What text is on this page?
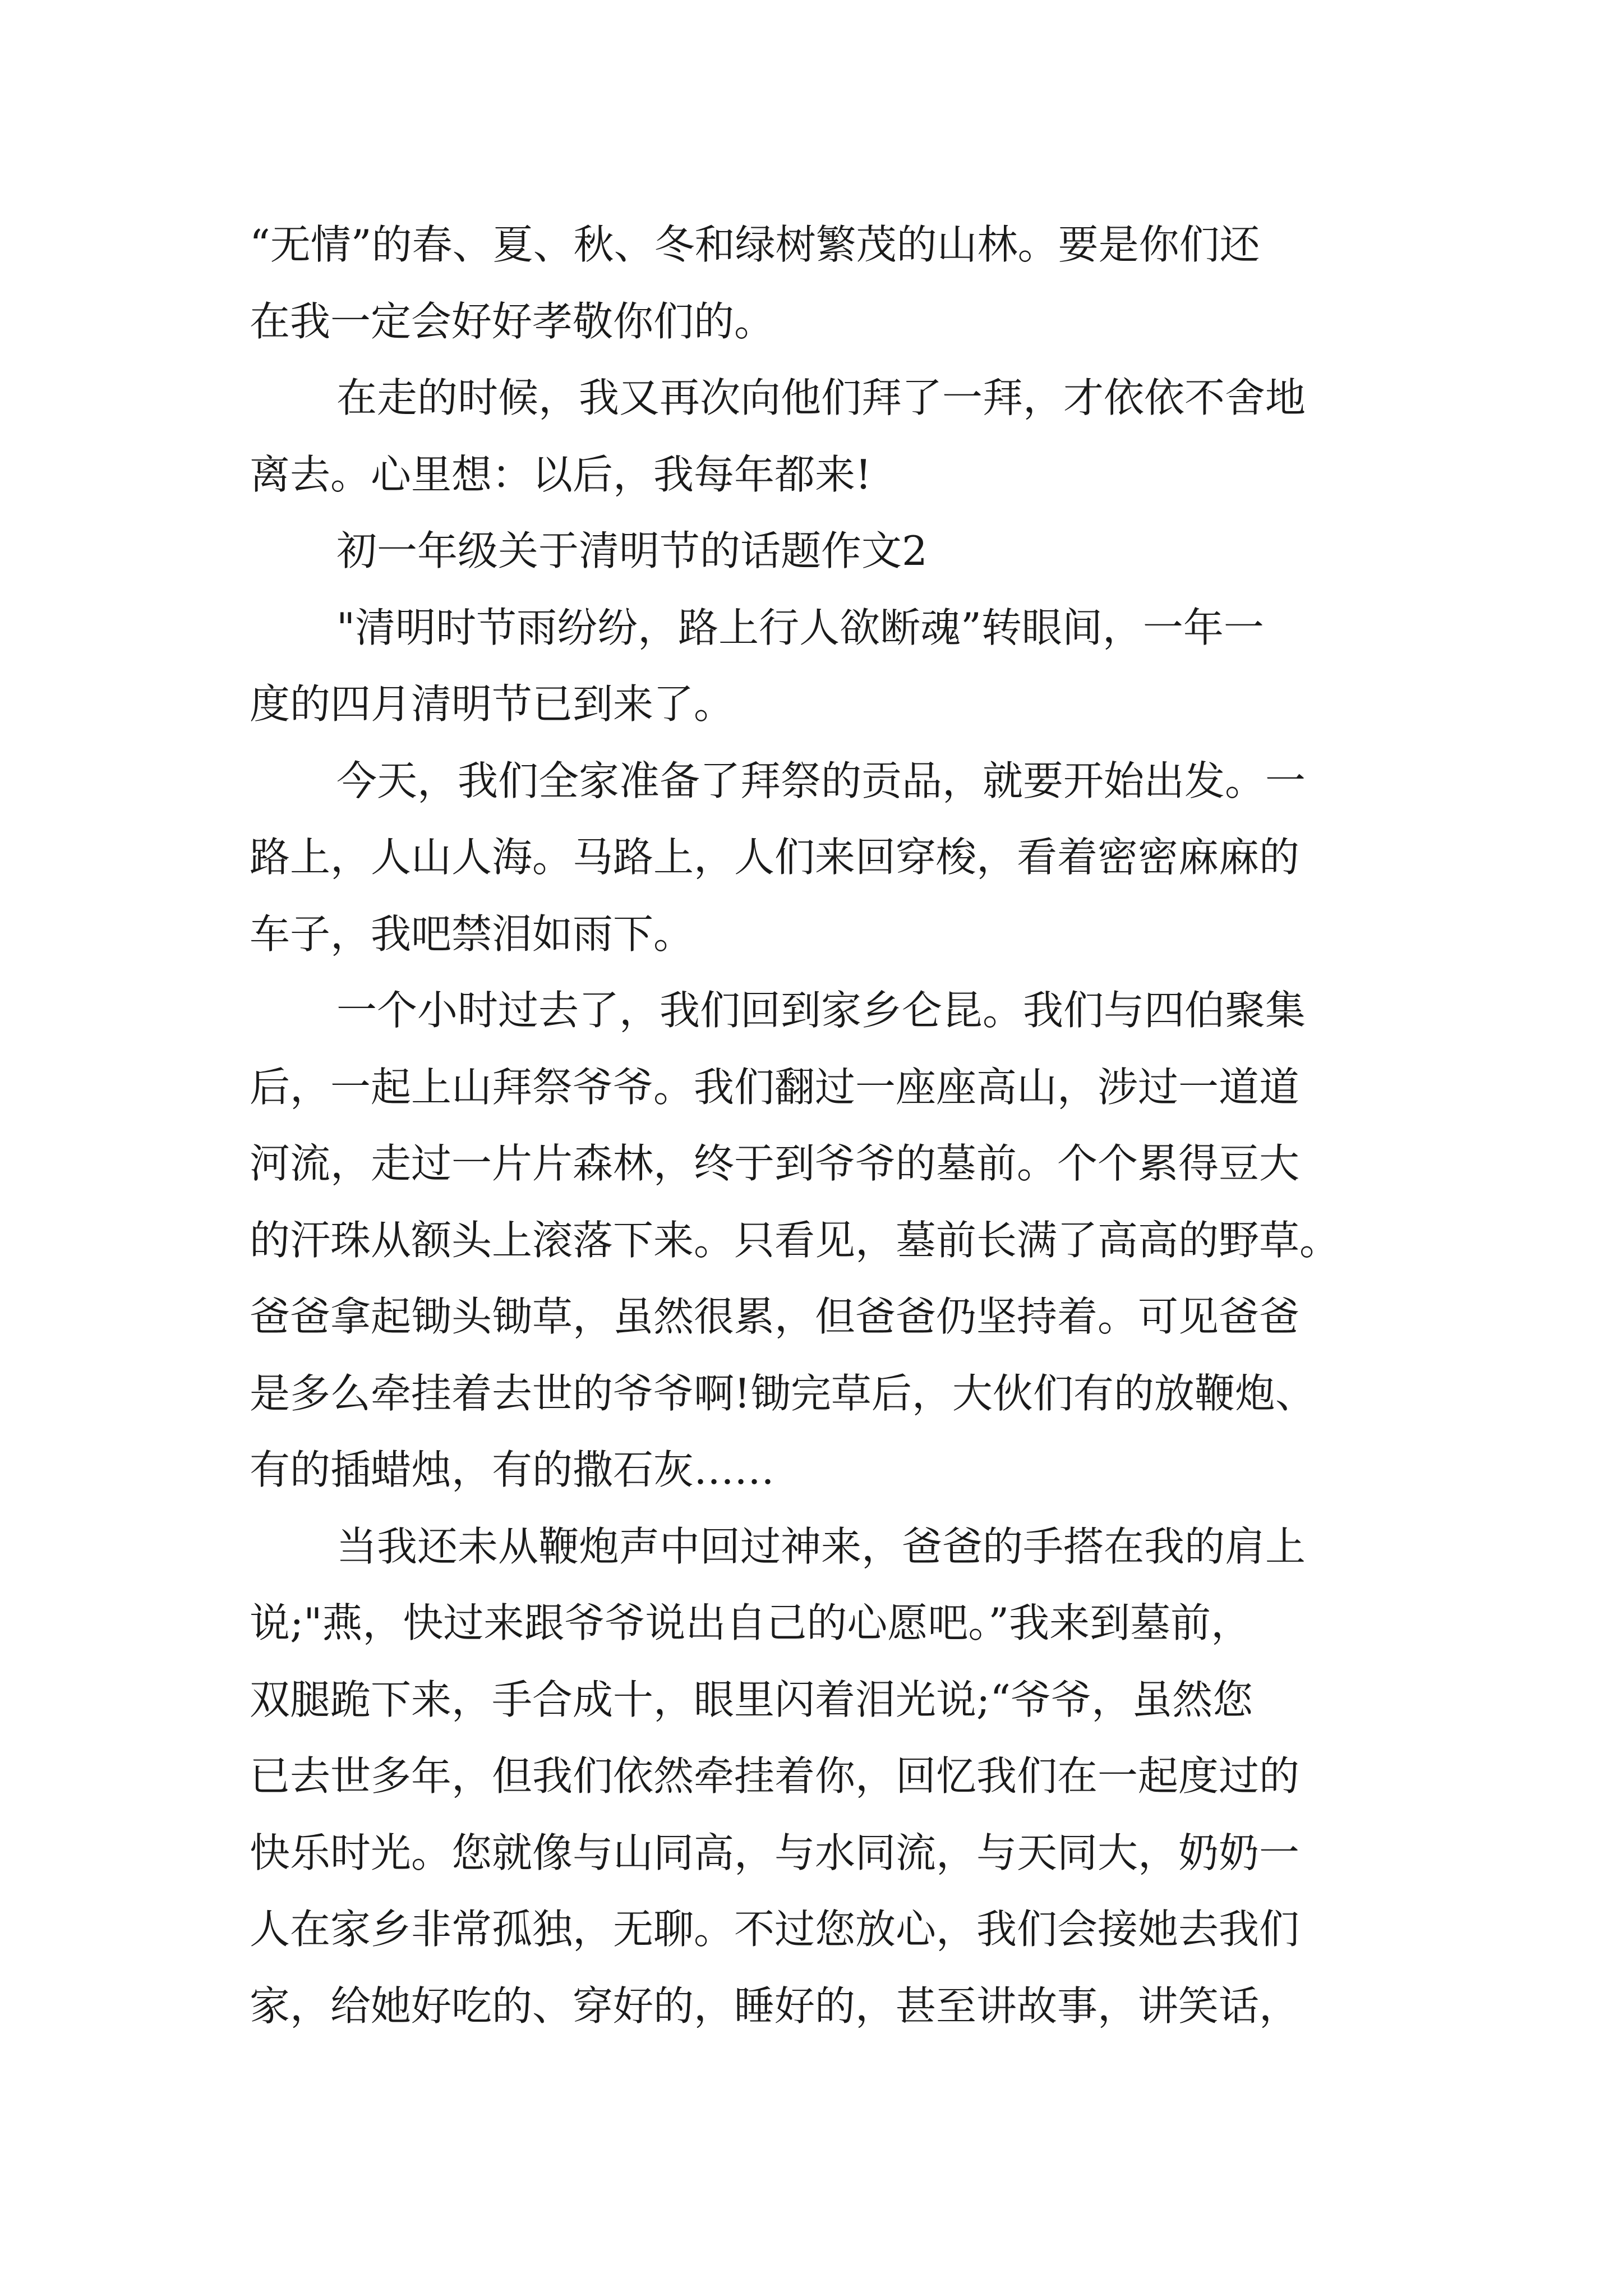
“无情”的春、夏、秋、冬和绿树繁茂的山林。要是你们还
在我一定会好好孝敬你们的。
在走的时候，我又再次向他们拜了一拜，才依依不舍地
离去。心里想：以后，我每年都来!
初一年级关于清明节的话题作文2
"清明时节雨纷纷，路上行人欲断魂”转眼间，一年一
度的四月清明节已到来了。
今天，我们全家准备了拜祭的贡品，就要开始出发。一
路上，人山人海。马路上，人们来回穿梭，看着密密麻麻的
车子，我吧禁泪如雨下。
一个小时过去了，我们回到家乡仑昆。我们与四伯聚集
后，一起上山拜祭爷爷。我们翻过一座座高山，涉过一道道
河流，走过一片片森林，终于到爷爷的墓前。个个累得豆大
的汗珠从额头上滚落下来。只看见，墓前长满了高高的野草。
爸爸拿起锄头锄草，虽然很累，但爸爸仍坚持着。可见爸爸
是多么牵挂着去世的爷爷啊!锄完草后，大伙们有的放鞭炮、
有的插蜡烛，有的撒石灰……
当我还未从鞭炮声中回过神来，爸爸的手搭在我的肩上
说;"燕，快过来跟爷爷说出自己的心愿吧。”我来到墓前，
双腿跪下来，手合成十，眼里闪着泪光说;“爷爷，虽然您
已去世多年，但我们依然牵挂着你，回忆我们在一起度过的
快乐时光。您就像与山同高，与水同流，与天同大，奶奶一
人在家乡非常孤独，无聊。不过您放心，我们会接她去我们
家，给她好吃的、穿好的，睡好的，甚至讲故事，讲笑话，
